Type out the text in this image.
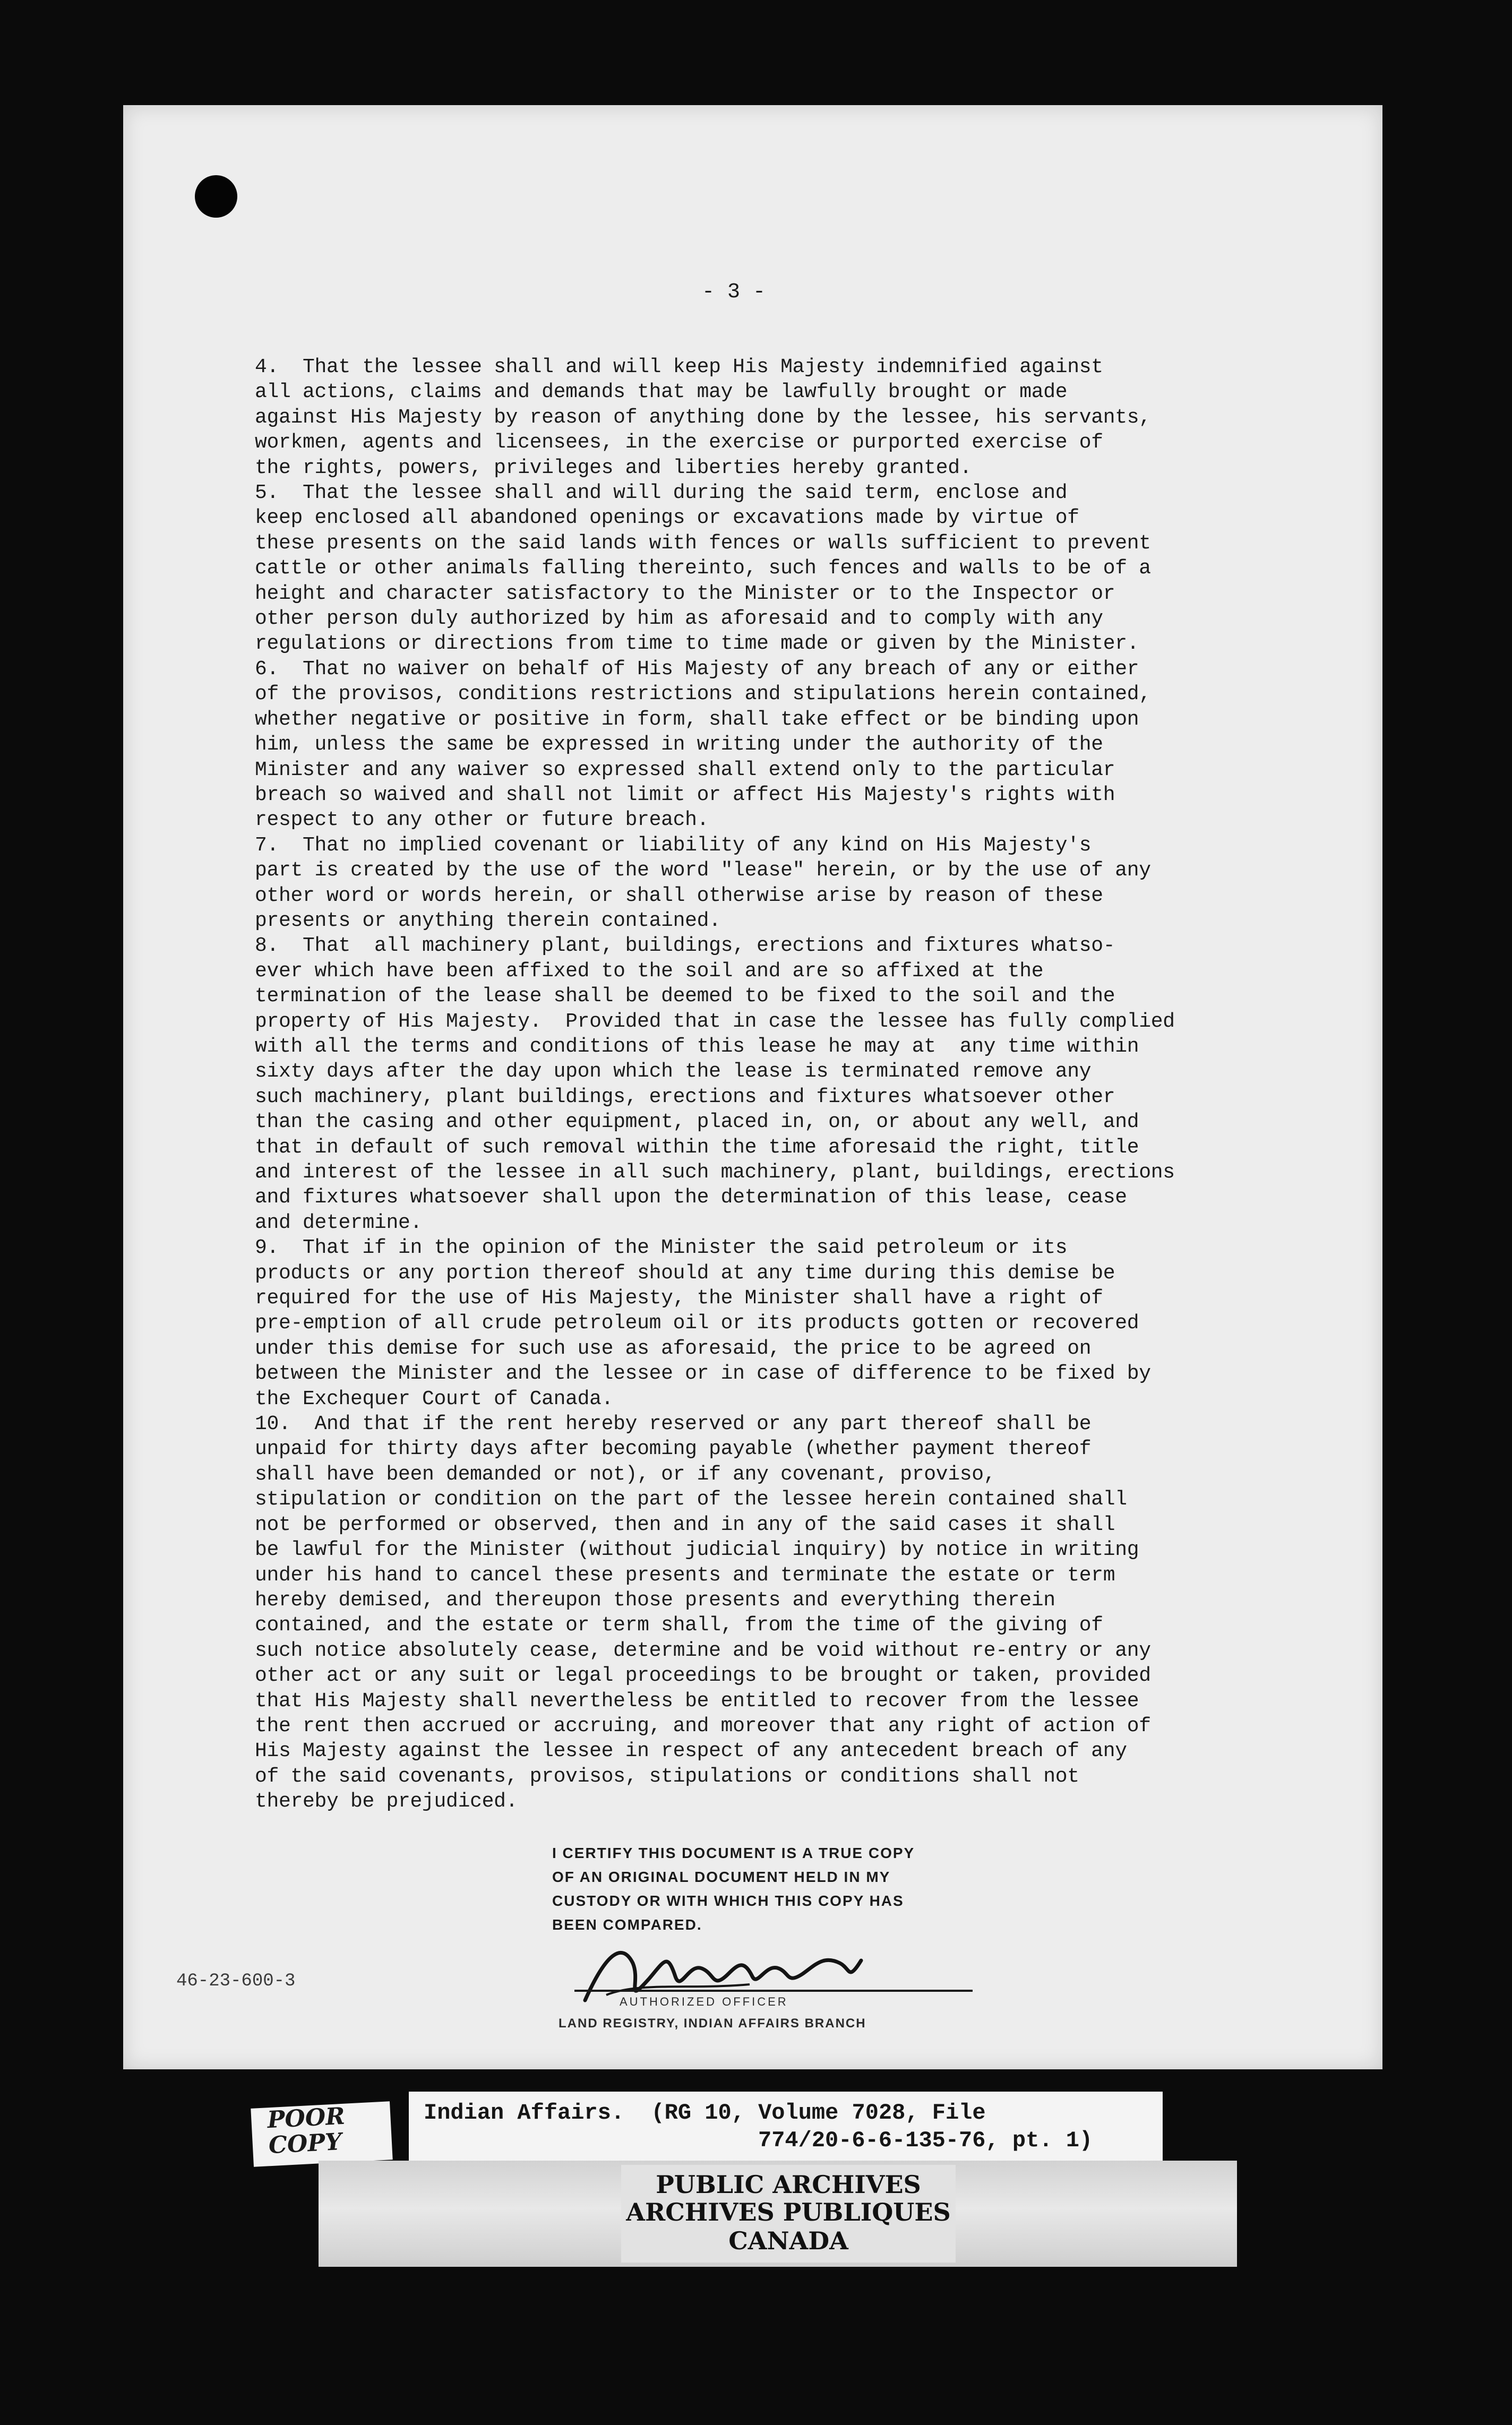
- 3 -
4.  That the lessee shall and will keep His Majesty indemnified against
all actions, claims and demands that may be lawfully brought or made
against His Majesty by reason of anything done by the lessee, his servants,
workmen, agents and licensees, in the exercise or purported exercise of
the rights, powers, privileges and liberties hereby granted.
5.  That the lessee shall and will during the said term, enclose and
keep enclosed all abandoned openings or excavations made by virtue of
these presents on the said lands with fences or walls sufficient to prevent
cattle or other animals falling thereinto, such fences and walls to be of a
height and character satisfactory to the Minister or to the Inspector or
other person duly authorized by him as aforesaid and to comply with any
regulations or directions from time to time made or given by the Minister.
6.  That no waiver on behalf of His Majesty of any breach of any or either
of the provisos, conditions restrictions and stipulations herein contained,
whether negative or positive in form, shall take effect or be binding upon
him, unless the same be expressed in writing under the authority of the
Minister and any waiver so expressed shall extend only to the particular
breach so waived and shall not limit or affect His Majesty's rights with
respect to any other or future breach.
7.  That no implied covenant or liability of any kind on His Majesty's
part is created by the use of the word "lease" herein, or by the use of any
other word or words herein, or shall otherwise arise by reason of these
presents or anything therein contained.
8.  That  all machinery plant, buildings, erections and fixtures whatso-
ever which have been affixed to the soil and are so affixed at the
termination of the lease shall be deemed to be fixed to the soil and the
property of His Majesty.  Provided that in case the lessee has fully complied
with all the terms and conditions of this lease he may at  any time within
sixty days after the day upon which the lease is terminated remove any
such machinery, plant buildings, erections and fixtures whatsoever other
than the casing and other equipment, placed in, on, or about any well, and
that in default of such removal within the time aforesaid the right, title
and interest of the lessee in all such machinery, plant, buildings, erections
and fixtures whatsoever shall upon the determination of this lease, cease
and determine.
9.  That if in the opinion of the Minister the said petroleum or its
products or any portion thereof should at any time during this demise be
required for the use of His Majesty, the Minister shall have a right of
pre-emption of all crude petroleum oil or its products gotten or recovered
under this demise for such use as aforesaid, the price to be agreed on
between the Minister and the lessee or in case of difference to be fixed by
the Exchequer Court of Canada.
10.  And that if the rent hereby reserved or any part thereof shall be
unpaid for thirty days after becoming payable (whether payment thereof
shall have been demanded or not), or if any covenant, proviso,
stipulation or condition on the part of the lessee herein contained shall
not be performed or observed, then and in any of the said cases it shall
be lawful for the Minister (without judicial inquiry) by notice in writing
under his hand to cancel these presents and terminate the estate or term
hereby demised, and thereupon those presents and everything therein
contained, and the estate or term shall, from the time of the giving of
such notice absolutely cease, determine and be void without re-entry or any
other act or any suit or legal proceedings to be brought or taken, provided
that His Majesty shall nevertheless be entitled to recover from the lessee
the rent then accrued or accruing, and moreover that any right of action of
His Majesty against the lessee in respect of any antecedent breach of any
of the said covenants, provisos, stipulations or conditions shall not
thereby be prejudiced.
I CERTIFY THIS DOCUMENT IS A TRUE COPY
OF AN ORIGINAL DOCUMENT HELD IN MY
CUSTODY OR WITH WHICH THIS COPY HAS
BEEN COMPARED.
AUTHORIZED OFFICER
LAND REGISTRY, INDIAN AFFAIRS BRANCH
46-23-600-3
POOR
COPY
Indian Affairs.  (RG 10, Volume 7028, File
774/20-6-6-135-76, pt. 1)
PUBLIC ARCHIVES
ARCHIVES PUBLIQUES
CANADA
